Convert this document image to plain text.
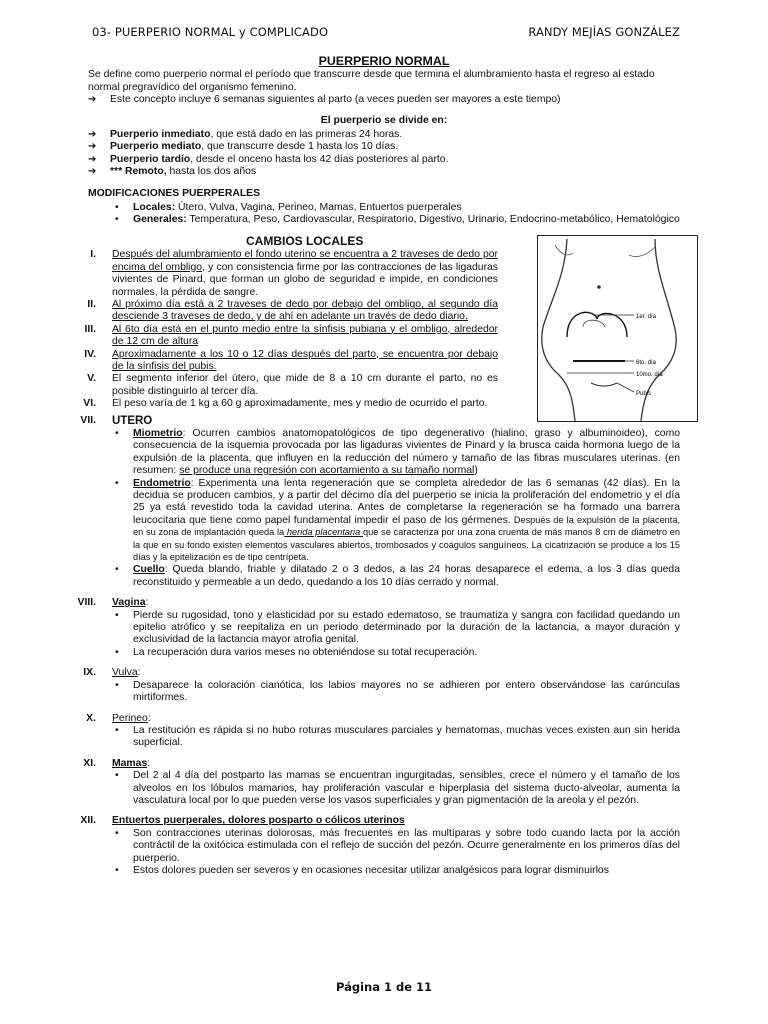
03- PUERPERIO NORMAL y COMPLICADO	RANDY MEJÍAS GONZÁLEZ
PUERPERIO NORMAL

Se define como puerperio normal el período que transcurre desde que termina el alumbramiento hasta el regreso al estado normal pregravídico del organismo femenino.

➔ Este concepto incluye 6 semanas siguientes al parto (a veces pueden ser mayores a este tiempo)
El puerperio se divide en:
➔ Puerperio inmediato, que está dado en las primeras 24 horas.
➔ Puerperio mediato, que transcurre desde 1 hasta los 10 días.
➔ Puerperio tardío, desde el onceno hasta los 42 días posteriores al parto.
➔ *** Remoto, hasta los dos años
MODIFICACIONES PUERPERALES
• Locales: Útero, Vulva, Vagina, Perineo, Mamas, Entuertos puerperales
• Generales: Temperatura, Peso, Cardiovascular, Respiratorio, Digestivo, Urinario, Endocrino-metabólico, Hematológico
CAMBIOS LOCALES
I. Después del alumbramiento el fondo uterino se encuentra a 2 traveses de dedo por encima del ombligo, y con consistencia firme por las contracciones de las ligaduras vivientes de Pinard, que forman un globo de seguridad e impide, en condiciones normales, la pérdida de sangre.
II. Al próximo día está a 2 traveses de dedo por debajo del ombligo, al segundo día desciende 3 traveses de dedo, y de ahí en adelante un través de dedo diario.
III. Al 6to día está en el punto medio entre la sínfisis pubiana y el ombligo, alrededor de 12 cm de altura
IV. Aproximadamente a los 10 o 12 días después del parto, se encuentra por debajo de la sínfisis del pubis.
V. El segmento inferior del útero, que mide de 8 a 10 cm durante el parto, no es posible distinguirlo al tercer día.
VI. El peso varía de 1 kg a 60 g aproximadamente, mes y medio de ocurrido el parto.
1er. día
6to. día
10mo. día
Pubis
VII. UTERO
• Miometrio: Ocurren cambios anatomopatológicos de tipo degenerativo (hialino, graso y albuminoideo), como consecuencia de la isquemia provocada por las ligaduras vivientes de Pinard y la brusca caida hormona luego de la expulsión de la placenta, que influyen en la reducción del número y tamaño de las fibras musculares uterinas. (en resumen: se produce una regresión con acortamiento a su tamaño normal)
• Endometrio: Experimenta una lenta regeneración que se completa alrededor de las 6 semanas (42 días). En la decidua se producen cambios, y a partir del décimo día del puerperio se inicia la proliferación del endometrio y el día 25 ya está revestido toda la cavidad uterina. Antes de completarse la regeneración se ha formado una barrera leucocitaria que tiene como papel fundamental impedir el paso de los gérmenes. Después de la expulsión de la placenta, en su zona de implantación queda la herida placentaria que se caracteriza por una zona cruenta de más manos 8 cm de diámetro en la que en su fondo existen elementos vasculares abiertos, trombosados y coágulos sanguíneos. La cicatrización se produce a los 15 días y la epitelización es de tipo centrípeta.
• Cuello: Queda blando, friable y dilatado 2 o 3 dedos, a las 24 horas desaparece el edema, a los 3 días queda reconstituido y permeable a un dedo, quedando a los 10 días cerrado y normal.
VIII. Vagina:
• Pierde su rugosidad, tono y elasticidad por su estado edematoso, se traumatiza y sangra con facilidad quedando un epitelio atrófico y se reepitaliza en un periodo determinado por la duración de la lactancia, a mayor duración y exclusividad de la lactancia mayor atrofia genital.
• La recuperación dura varios meses no obteniéndose su total recuperación.
IX. Vulva:
• Desaparece la coloración cianótica, los labios mayores no se adhieren por entero observándose las carúnculas mirtiformes.
X. Perineo:
• La restitución es rápida si no hubo roturas musculares parciales y hematomas, muchas veces existen aun sin herida superficial.
XI. Mamas:
• Del 2 al 4 día del postparto las mamas se encuentran ingurgitadas, sensibles, crece el número y el tamaño de los alveolos en los lóbulos mamarios, hay proliferación vascular e hiperplasia del sistema ducto-alveolar, aumenta la vasculatura local por lo que pueden verse los vasos superficiales y gran pigmentación de la areola y el pezón.
XII. Entuertos puerperales, dolores posparto o cólicos uterinos
• Son contracciones uterinas dolorosas, más frecuentes en las multíparas y sobre todo cuando lacta por la acción contráctil de la oxitócica estimulada con el reflejo de succión del pezón. Ocurre generalmente en los primeros días del puerperio.
• Estos dolores pueden ser severos y en ocasiones necesitar utilizar analgésicos para lograr disminuirlos
Página 1 de 11
